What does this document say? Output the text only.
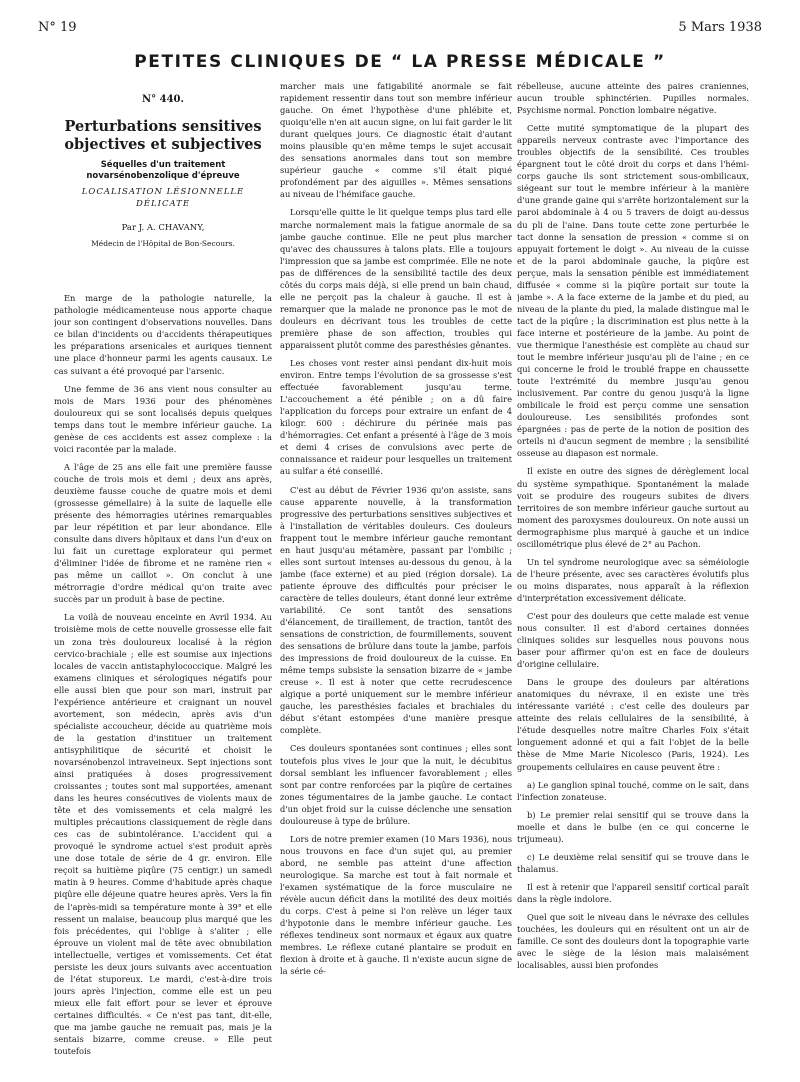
N° 19	5 Mars 1938
PETITES CLINIQUES DE “ LA PRESSE MÉDICALE ”
N° 440.
Perturbations sensitives
objectives et subjectives
Séquelles d'un traitement
novarsénobenzolique d'épreuve
LOCALISATION LÉSIONNELLE DÉLICATE
Par J. A. CHAVANY,
Médecin de l'Hôpital de Bon-Secours.

En marge de la pathologie naturelle, la pathologie médicamenteuse nous apporte chaque jour son contingent d'observations nouvelles. Dans ce bilan d'incidents ou d'accidents thérapeutiques les préparations arsenicales et auriques tiennent une place d'honneur parmi les agents causaux. Le cas suivant a été provoqué par l'arsenic.

Une femme de 36 ans vient nous consulter au mois de Mars 1936 pour des phénomènes douloureux qui se sont localisés depuis quelques temps dans tout le membre inférieur gauche. La genèse de ces accidents est assez complexe : la voici racontée par la malade.

A l'âge de 25 ans elle fait une première fausse couche de trois mois et demi ; deux ans après, deuxième fausse couche de quatre mois et demi (grossesse gémellaire) à la suite de laquelle elle présente des hémorragies utérines remarquables par leur répétition et par leur abondance. Elle consulte dans divers hôpitaux et dans l'un d'eux on lui fait un curettage explorateur qui permet d'éliminer l'idée de fibrome et ne ramène rien « pas même un caillot ». On conclut à une métrorragie d'ordre médical qu'on traite avec succès par un produit à base de pectine.

La voilà de nouveau enceinte en Avril 1934. Au troisième mois de cette nouvelle grossesse elle fait un zona très douloureux localisé à la région cervico-brachiale ; elle est soumise aux injections locales de vaccin antistaphylococcique. Malgré les examens cliniques et sérologiques négatifs pour elle aussi bien que pour son mari, instruit par l'expérience antérieure et craignant un nouvel avortement, son médecin, après avis d'un spécialiste accoucheur, décide au quatrième mois de la gestation d'instituer un traitement antisyphilitique de sécurité et choisit le novarsénobenzol intraveineux. Sept injections sont ainsi pratiquées à doses progressivement croissantes ; toutes sont mal supportées, amenant dans les heures consécutives de violents maux de tête et des vomissements et cela malgré les multiples précautions classiquement de règle dans ces cas de subintolérance. L'accident qui a provoqué le syndrome actuel s'est produit après une dose totale de série de 4 gr. environ. Elle reçoit sa huitième piqûre (75 centigr.) un samedi matin à 9 heures. Comme d'habitude après chaque piqûre elle déjeune quatre heures après. Vers la fin de l'après-midi sa température monte à 39° et elle ressent un malaise, beaucoup plus marqué que les fois précédentes, qui l'oblige à s'aliter ; elle éprouve un violent mal de tête avec obnubilation intellectuelle, vertiges et vomissements. Cet état persiste les deux jours suivants avec accentuation de l'état stuporeux. Le mardi, c'est-à-dire trois jours après l'injection, comme elle est un peu mieux elle fait effort pour se lever et éprouve certaines difficultés. « Ce n'est pas tant, dit-elle, que ma jambe gauche ne remuait pas, mais je la sentais bizarre, comme creuse. » Elle peut toutefois

marcher mais une fatigabilité anormale se fait rapidement ressentir dans tout son membre inférieur gauche. On émet l'hypothèse d'une phlébite et, quoiqu'elle n'en ait aucun signe, on lui fait garder le lit durant quelques jours. Ce diagnostic était d'autant moins plausible qu'en même temps le sujet accusait des sensations anormales dans tout son membre supérieur gauche « comme s'il était piqué profondément par des aiguilles ». Mêmes sensations au niveau de l'hémiface gauche.

Lorsqu'elle quitte le lit quelque temps plus tard elle marche normalement mais la fatigue anormale de sa jambe gauche continue. Elle ne peut plus marcher qu'avec des chaussures à talons plats. Elle a toujours l'impression que sa jambe est comprimée. Elle ne note pas de différences de la sensibilité tactile des deux côtés du corps mais déjà, si elle prend un bain chaud, elle ne perçoit pas la chaleur à gauche. Il est à remarquer que la malade ne prononce pas le mot de douleurs en décrivant tous les troubles de cette première phase de son affection, troubles qui apparaissent plutôt comme des paresthésies gênantes.

Les choses vont rester ainsi pendant dix-huit mois environ. Entre temps l'évolution de sa grossesse s'est effectuée favorablement jusqu'au terme. L'accouchement a été pénible ; on a dû faire l'application du forceps pour extraire un enfant de 4 kilogr. 600 : déchirure du périnée mais pas d'hémorragies. Cet enfant a présenté à l'âge de 3 mois et demi 4 crises de convulsions avec perte de connaissance et raideur pour lesquelles un traitement au sulfar a été conseillé.

C'est au début de Février 1936 qu'on assiste, sans cause apparente nouvelle, à la transformation progressive des perturbations sensitives subjectives et à l'installation de véritables douleurs. Ces douleurs frappent tout le membre inférieur gauche remontant en haut jusqu'au métamère, passant par l'ombilic ; elles sont surtout intenses au-dessous du genou, à la jambe (face externe) et au pied (région dorsale). La patiente éprouve des difficultés pour préciser le caractère de telles douleurs, étant donné leur extrême variabilité. Ce sont tantôt des sensations d'élancement, de tiraillement, de traction, tantôt des sensations de constriction, de fourmillements, souvent des sensations de brûlure dans toute la jambe, parfois des impressions de froid douloureux de la cuisse. En même temps subsiste la sensation bizarre de « jambe creuse ». Il est à noter que cette recrudescence algique a porté uniquement sur le membre inférieur gauche, les paresthésies faciales et brachiales du début s'étant estompées d'une manière presque complète.

Ces douleurs spontanées sont continues ; elles sont toutefois plus vives le jour que la nuit, le décubitus dorsal semblant les influencer favorablement ; elles sont par contre renforcées par la piqûre de certaines zones tégumentaires de la jambe gauche. Le contact d'un objet froid sur la cuisse déclenche une sensation douloureuse à type de brûlure.

Lors de notre premier examen (10 Mars 1936), nous nous trouvons en face d'un sujet qui, au premier abord, ne semble pas atteint d'une affection neurologique. Sa marche est tout à fait normale et l'examen systématique de la force musculaire ne révèle aucun déficit dans la motilité des deux moitiés du corps. C'est à peine si l'on relève un léger taux d'hypotonie dans le membre inférieur gauche. Les réflexes tendineux sont normaux et égaux aux quatre membres. Le réflexe cutané plantaire se produit en flexion à droite et à gauche. Il n'existe aucun signe de la série cé-

rébelleuse, aucune atteinte des paires craniennes, aucun trouble sphinctérien. Pupilles normales. Psychisme normal. Ponction lombaire négative.

Cette mutité symptomatique de la plupart des appareils nerveux contraste avec l'importance des troubles objectifs de la sensibilité. Ces troubles épargnent tout le côté droit du corps et dans l'hémi-corps gauche ils sont strictement sous-ombilicaux, siégeant sur tout le membre inférieur à la manière d'une grande gaine qui s'arrête horizontalement sur la paroi abdominale à 4 ou 5 travers de doigt au-dessus du pli de l'aine. Dans toute cette zone perturbée le tact donne la sensation de pression « comme si on appuyait fortement le doigt ». Au niveau de la cuisse et de la paroi abdominale gauche, la piqûre est perçue, mais la sensation pénible est immédiatement diffusée « comme si la piqûre portait sur toute la jambe ». A la face externe de la jambe et du pied, au niveau de la plante du pied, la malade distingue mal le tact de la piqûre ; la discrimination est plus nette à la face interne et postérieure de la jambe. Au point de vue thermique l'anesthésie est complète au chaud sur tout le membre inférieur jusqu'au pli de l'aine ; en ce qui concerne le froid le troublé frappe en chaussette toute l'extrémité du membre jusqu'au genou inclusivement. Par contre du genou jusqu'à la ligne ombilicale le froid est perçu comme une sensation douloureuse. Les sensibilités profondes sont épargnées : pas de perte de la notion de position des orteils ni d'aucun segment de membre ; la sensibilité osseuse au diapason est normale.

Il existe en outre des signes de dérèglement local du système sympathique. Spontanément la malade voit se produire des rougeurs subites de divers territoires de son membre inférieur gauche surtout au moment des paroxysmes douloureux. On note aussi un dermographisme plus marqué à gauche et un indice oscillométrique plus élevé de 2° au Pachon.

Un tel syndrome neurologique avec sa séméiologie de l'heure présente, avec ses caractères évolutifs plus ou moins disparates, nous apparaît à la réflexion d'interprétation excessivement délicate.

C'est pour des douleurs que cette malade est venue nous consulter. Il est d'abord certaines données cliniques solides sur lesquelles nous pouvons nous baser pour affirmer qu'on est en face de douleurs d'origine cellulaire.

Dans le groupe des douleurs par altérations anatomiques du névraxe, il en existe une très intéressante variété : c'est celle des douleurs par atteinte des relais cellulaires de la sensibilité, à l'étude desquelles notre maître Charles Foix s'était longuement adonné et qui a fait l'objet de la belle thèse de Mme Marie Nicolesco (Paris, 1924). Les groupements cellulaires en cause peuvent être :

a) Le ganglion spinal touché, comme on le sait, dans l'infection zonateuse.

b) Le premier relai sensitif qui se trouve dans la moelle et dans le bulbe (en ce qui concerne le trijumeau).

c) Le deuxième relai sensitif qui se trouve dans le thalamus.

Il est à retenir que l'appareil sensitif cortical paraît dans la règle indolore.

Quel que soit le niveau dans le névraxe des cellules touchées, les douleurs qui en résultent ont un air de famille. Ce sont des douleurs dont la topographie varie avec le siège de la lésion mais malaisément localisables, aussi bien profondes
